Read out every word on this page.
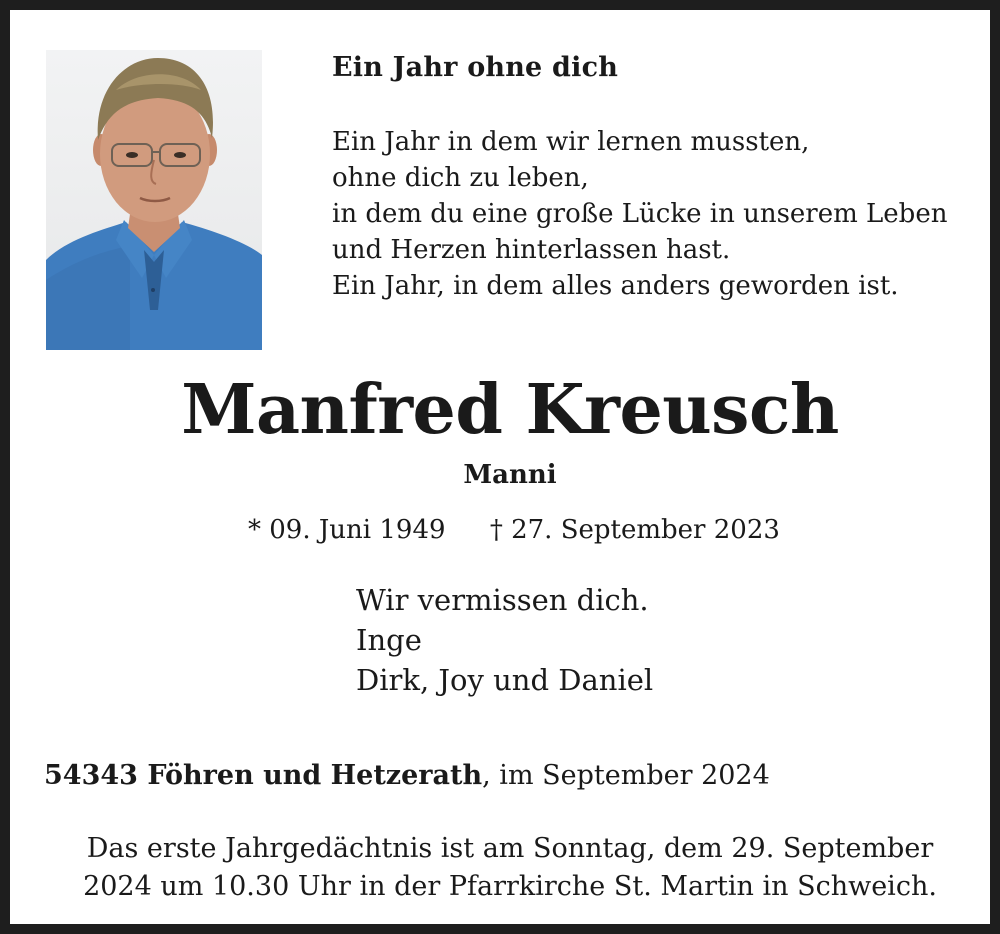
Ein Jahr ohne dich
Ein Jahr in dem wir lernen mussten,
ohne dich zu leben,
in dem du eine große Lücke in unserem Leben
und Herzen hinterlassen hast.
Ein Jahr, in dem alles anders geworden ist.
Manfred Kreusch
Manni
* 09. Juni 1949 † 27. September 2023
Wir vermissen dich.
Inge
Dirk, Joy und Daniel
54343 Föhren und Hetzerath, im September 2024
Das erste Jahrgedächtnis ist am Sonntag, dem 29. September
2024 um 10.30 Uhr in der Pfarrkirche St. Martin in Schweich.
